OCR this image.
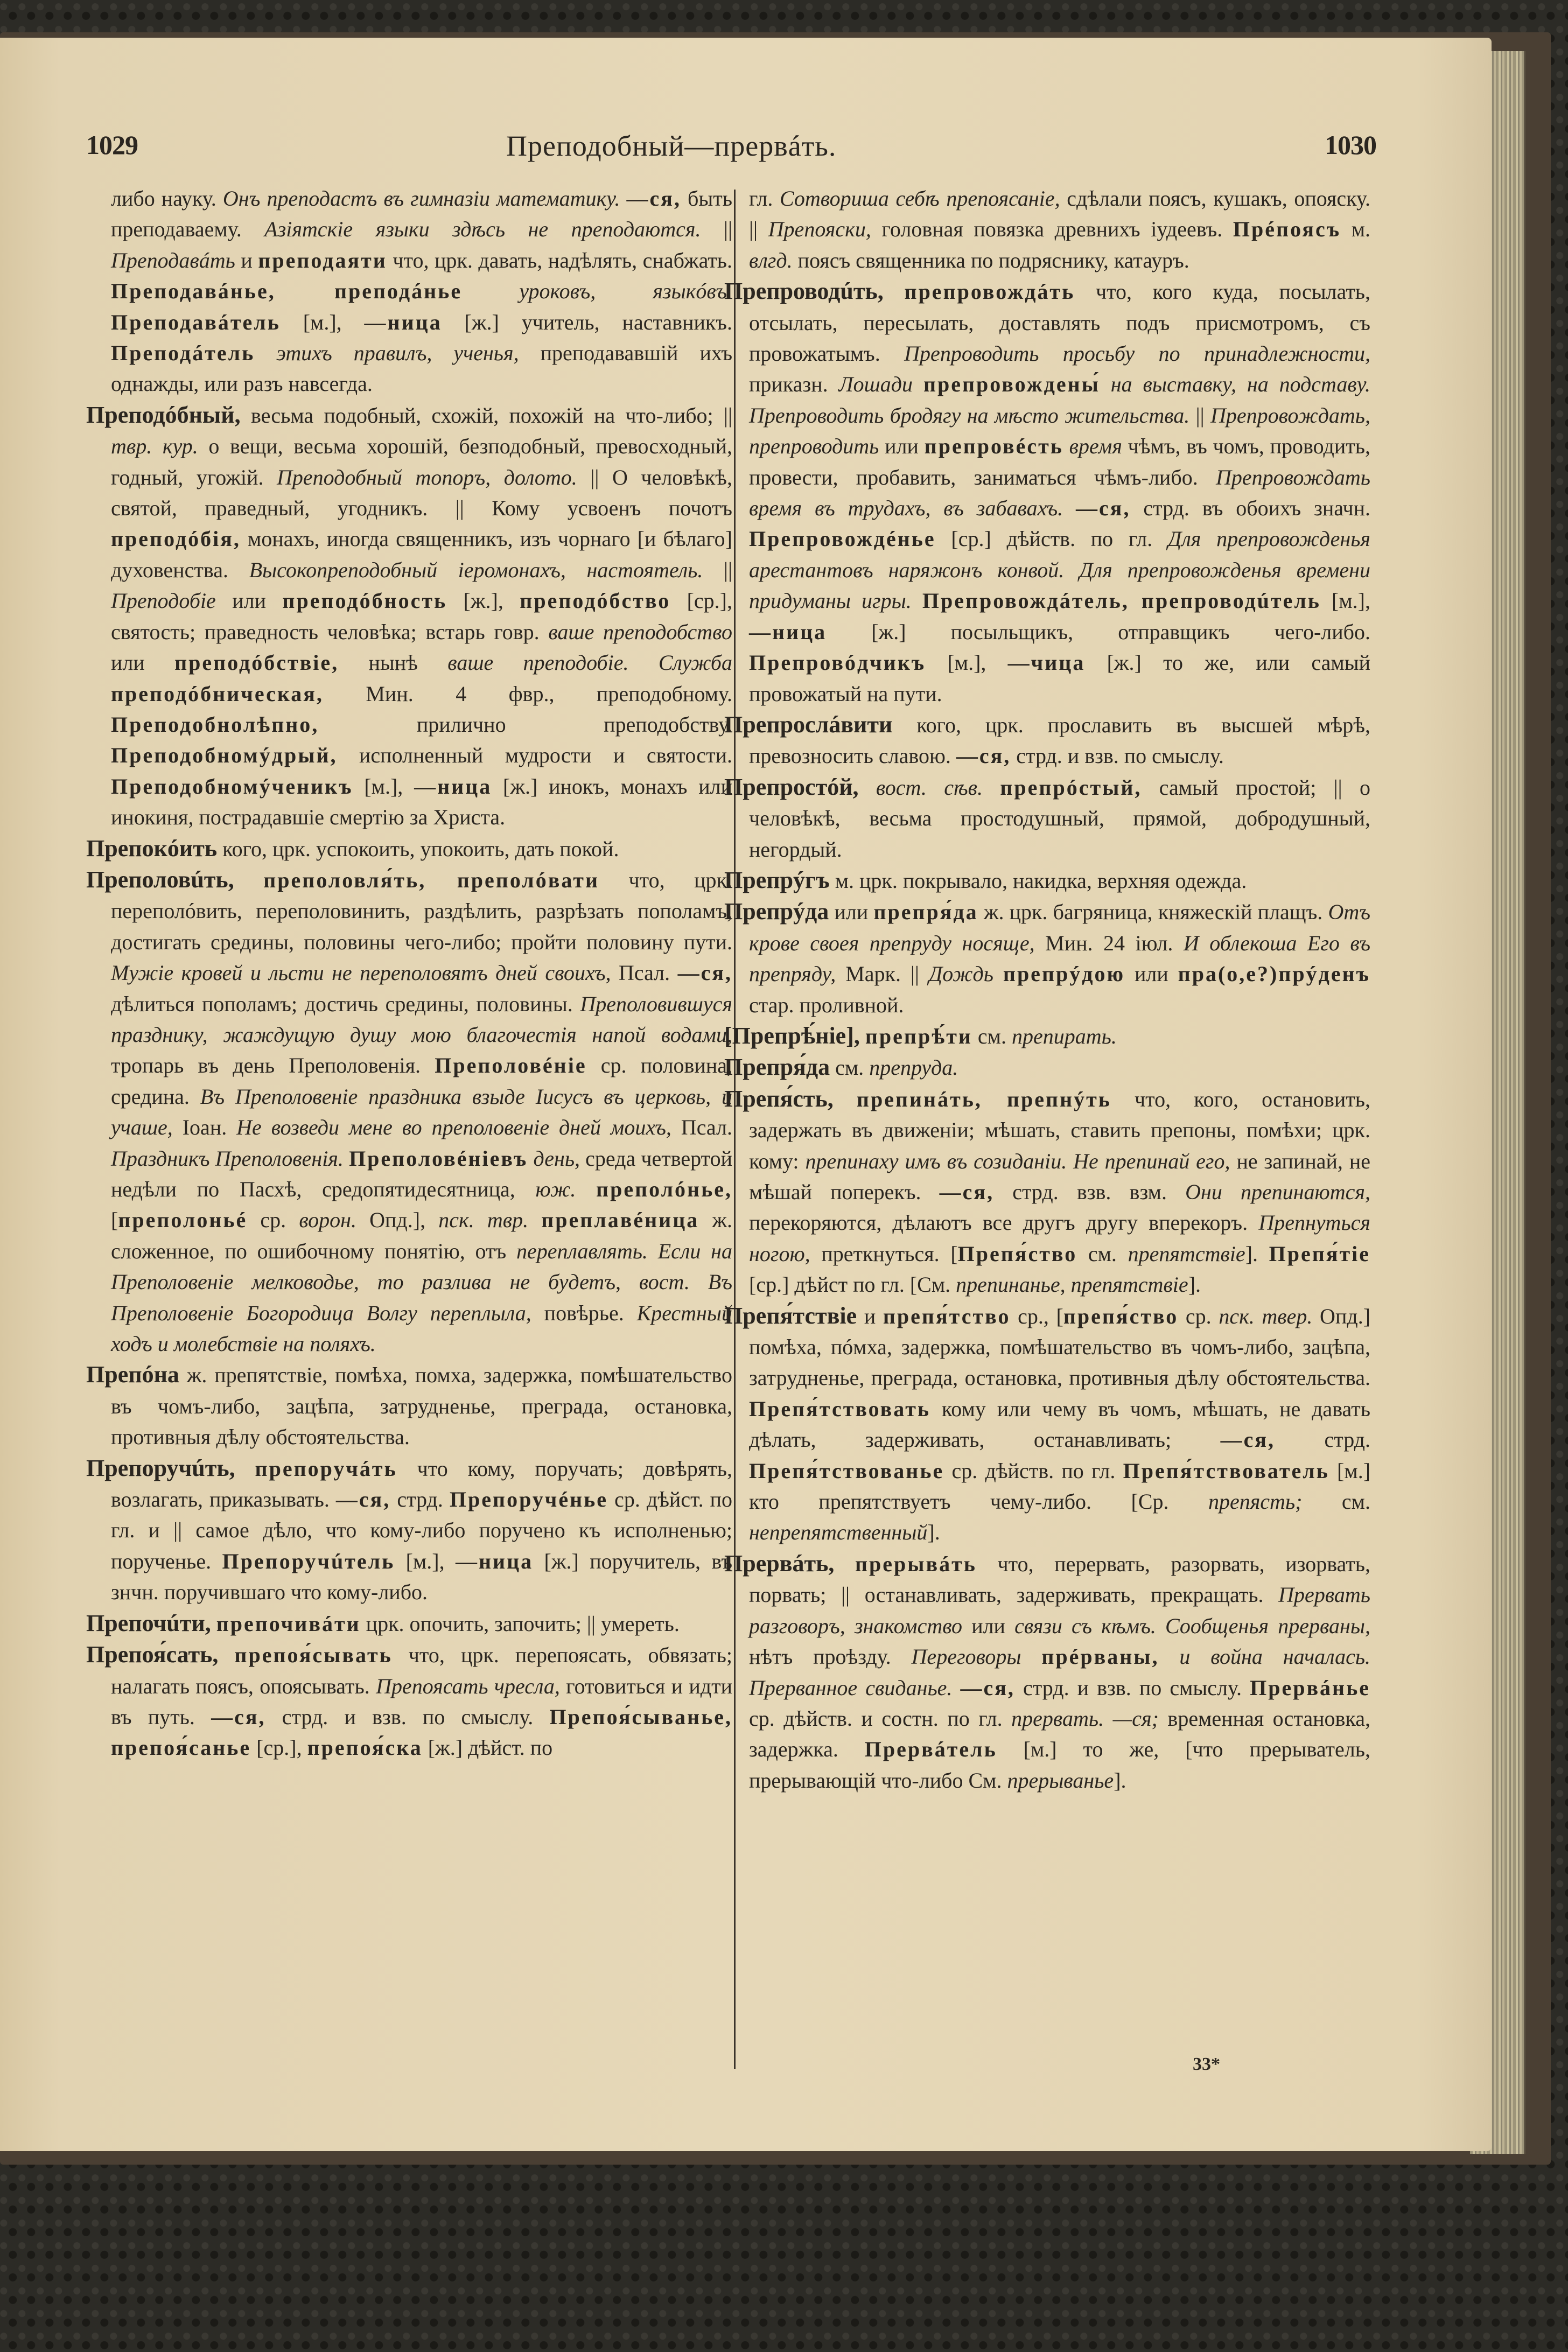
1029	Преподобный—прервáть.	1030

либо науку. Онъ преподастъ въ гимназіи математику. —ся, быть преподаваему. Азіятскіе языки здѣсь не преподаются. || Преподавáть и преподаяти что, црк. давать, надѣлять, снабжать. Преподавáнье, преподáнье	уроковъ, языкóвъ. Преподавáтель [м.], —ница [ж.] учитель, наставникъ. Преподáтель этихъ правилъ, ученья, преподававшій ихъ однажды, или разъ навсегда.

Преподóбный, весьма подобный, схожій, похожій на что-либо; || твр. кур. о вещи, весьма хорошій, безподобный, превосходный, годный, угожій. Преподобный топоръ, долото. || О человѣкѣ, святой, праведный, угодникъ. || Кому усвоенъ почотъ преподóбія, монахъ, иногда священникъ, изъ чорнаго [и бѣлаго] духовенства. Высокопреподобный іеромонахъ, настоятель. || Преподобіе или преподóбность [ж.], преподóбство [ср.], святость; праведность человѣка; встарь говр. ваше преподобство или преподóбствіе, нынѣ ваше преподобіе. Служба преподóбническая, Мин. 4 фвр., преподобному. Преподобнолѣпно, прилично преподобству. Преподобномýдрый, исполненный мудрости и святости. Преподобномýченикъ [м.], —ница [ж.] инокъ, монахъ или инокиня, пострадавшіе смертію за Христа.

Препокóить кого, црк. успокоить, упокоить, дать покой.

Преполовúть, преполовля́ть, преполóвати что, црк. переполóвить, переполовинить, раздѣлить, разрѣзать пополамъ, достигать средины, половины чего-либо; пройти половину пути. Мужіе кровей и льсти не переполовятъ дней своихъ, Псал. —ся, дѣлиться пополамъ; достичь средины, половины. Преполовившуся празднику, жаждущую душу мою благочестія напой водами, тропарь въ день Преполовенія. Преполовéніе ср. половина, средина. Въ Преполовеніе праздника взыде Іисусъ въ церковь, и учаше, Іоан. Не возведи мене во преполовеніе дней моихъ, Псал. Праздникъ Преполовенія. Преполовéніевъ день, среда четвертой недѣли по Пасхѣ, средопятидесятница, юж. преполóнье, [преполоньé ср. ворон. Опд.], пск. твр. преплавéница ж. сложенное, по ошибочному понятію, отъ переплавлять. Если на Преполовеніе мелководье, то разлива не будетъ, вост. Въ Преполовеніе Богородица Волгу переплыла, повѣрье. Крестный ходъ и молебствіе на поляхъ.

Препóна ж. препятствіе, помѣха, помха, задержка, помѣшательство въ чомъ-либо, зацѣпа, затрудненье, преграда, остановка, противныя дѣлу обстоятельства.

Препоручúть, препоручáть что кому, поручать; довѣрять, возлагать, приказывать. —ся, стрд. Препоручéнье ср. дѣйст. по гл. и || самое дѣло, что кому-либо поручено къ исполненью; порученье. Препоручúтель [м.], —ница [ж.] поручитель, въ знчн. поручившаго что кому-либо.

Препочúти, препочивáти црк. опочить, започить; || умереть.

Препоя́сать, препоя́сывать что, црк. перепоясать, обвязать; налагать поясъ, опоясывать. Препоясать чресла, готовиться и идти въ путь. —ся, стрд. и взв. по смыслу. Препоя́сыванье, препоя́санье [ср.], препоя́ска [ж.] дѣйст. по

гл. Сотвориша себѣ препоясаніе, сдѣлали поясъ, кушакъ, опояску. || Препояски, головная повязка древнихъ іудеевъ. Прéпоясъ м. влгд. поясъ священника по подряснику, катауръ.

Препроводúть, препровождáть что, кого куда, посылать, отсылать, пересылать, доставлять подъ присмотромъ, съ провожатымъ. Препроводить просьбу по принадлежности, приказн. Лошади препровождены́ на выставку, на подставу. Препроводить бродягу на мѣсто жительства. || Препровождать, препроводить или препровéсть время чѣмъ, въ чомъ, проводить, провести, пробавить, заниматься чѣмъ-либо. Препровождать время въ трудахъ, въ забавахъ. —ся, стрд. въ обоихъ значн. Препровождéнье [ср.] дѣйств. по гл. Для препровожденья арестантовъ наряжонъ конвой. Для препровожденья времени придуманы игры. Препровождáтель, препроводúтель [м.], —ница [ж.] посыльщикъ, отправщикъ чего-либо. Препровóдчикъ [м.], —чица [ж.] то же, или самый провожатый на пути.

Препрослáвити кого, црк. прославить въ высшей мѣрѣ, превозносить славою. —ся, стрд. и взв. по смыслу.

Препростóй, вост. сѣв. препрóстый, самый простой; || о человѣкѣ, весьма простодушный, прямой, добродушный, негордый.

Препрýгъ м. црк. покрывало, накидка, верхняя одежда.

Препрýда или препря́да ж. црк. багряница, княжескій плащъ. Отъ крове своея препруду носяще, Мин. 24 іюл. И облекоша Его въ препряду, Марк. || Дождь препрýдою или пра(о,е?)прýденъ стар. проливной.

[Препрѣ́ніе], препрѣ́ти см. препирать.

Препря́да см. препруда.

Препя́сть, препинáть, препнýть что, кого, остановить, задержать въ движеніи; мѣшать, ставить препоны, помѣхи; црк. кому: препинаху имъ въ созиданіи. Не препинай его, не запинай, не мѣшай поперекъ. —ся, стрд. взв. взм. Они препинаются, перекоряются, дѣлаютъ все другъ другу вперекоръ. Препнуться ногою, преткнуться. [Препя́ство см. препятствіе]. Препя́тіе [ср.] дѣйст по гл. [См. препинанье, препятствіе].

Препя́тствіе и препя́тство ср., [препя́ство ср. пск. твер. Опд.] помѣха, пóмха, задержка, помѣшательство въ чомъ-либо, зацѣпа, затрудненье, преграда, остановка, противныя дѣлу обстоятельства. Препя́тствовать кому или чему въ чомъ, мѣшать, не давать дѣлать, задерживать, останавливать; —ся, стрд. Препя́тствованье ср. дѣйств. по гл. Препя́тствователь [м.] кто препятствуетъ чему-либо. [Ср. препясть; см. непрепятственный].

Прервáть, прерывáть что, перервать, разорвать, изорвать, порвать; || останавливать, задерживать, прекращать. Прервать разговоръ, знакомство или связи съ кѣмъ. Сообщенья прерваны, нѣтъ проѣзду. Переговоры прéрваны, и война началась. Прерванное свиданье. —ся, стрд. и взв. по смыслу. Прервáнье ср. дѣйств. и состн. по гл. прервать. —ся; временная остановка, задержка. Прервáтель [м.] то же, [что прерыватель, прерывающій что-либо См. прерыванье].

33*
